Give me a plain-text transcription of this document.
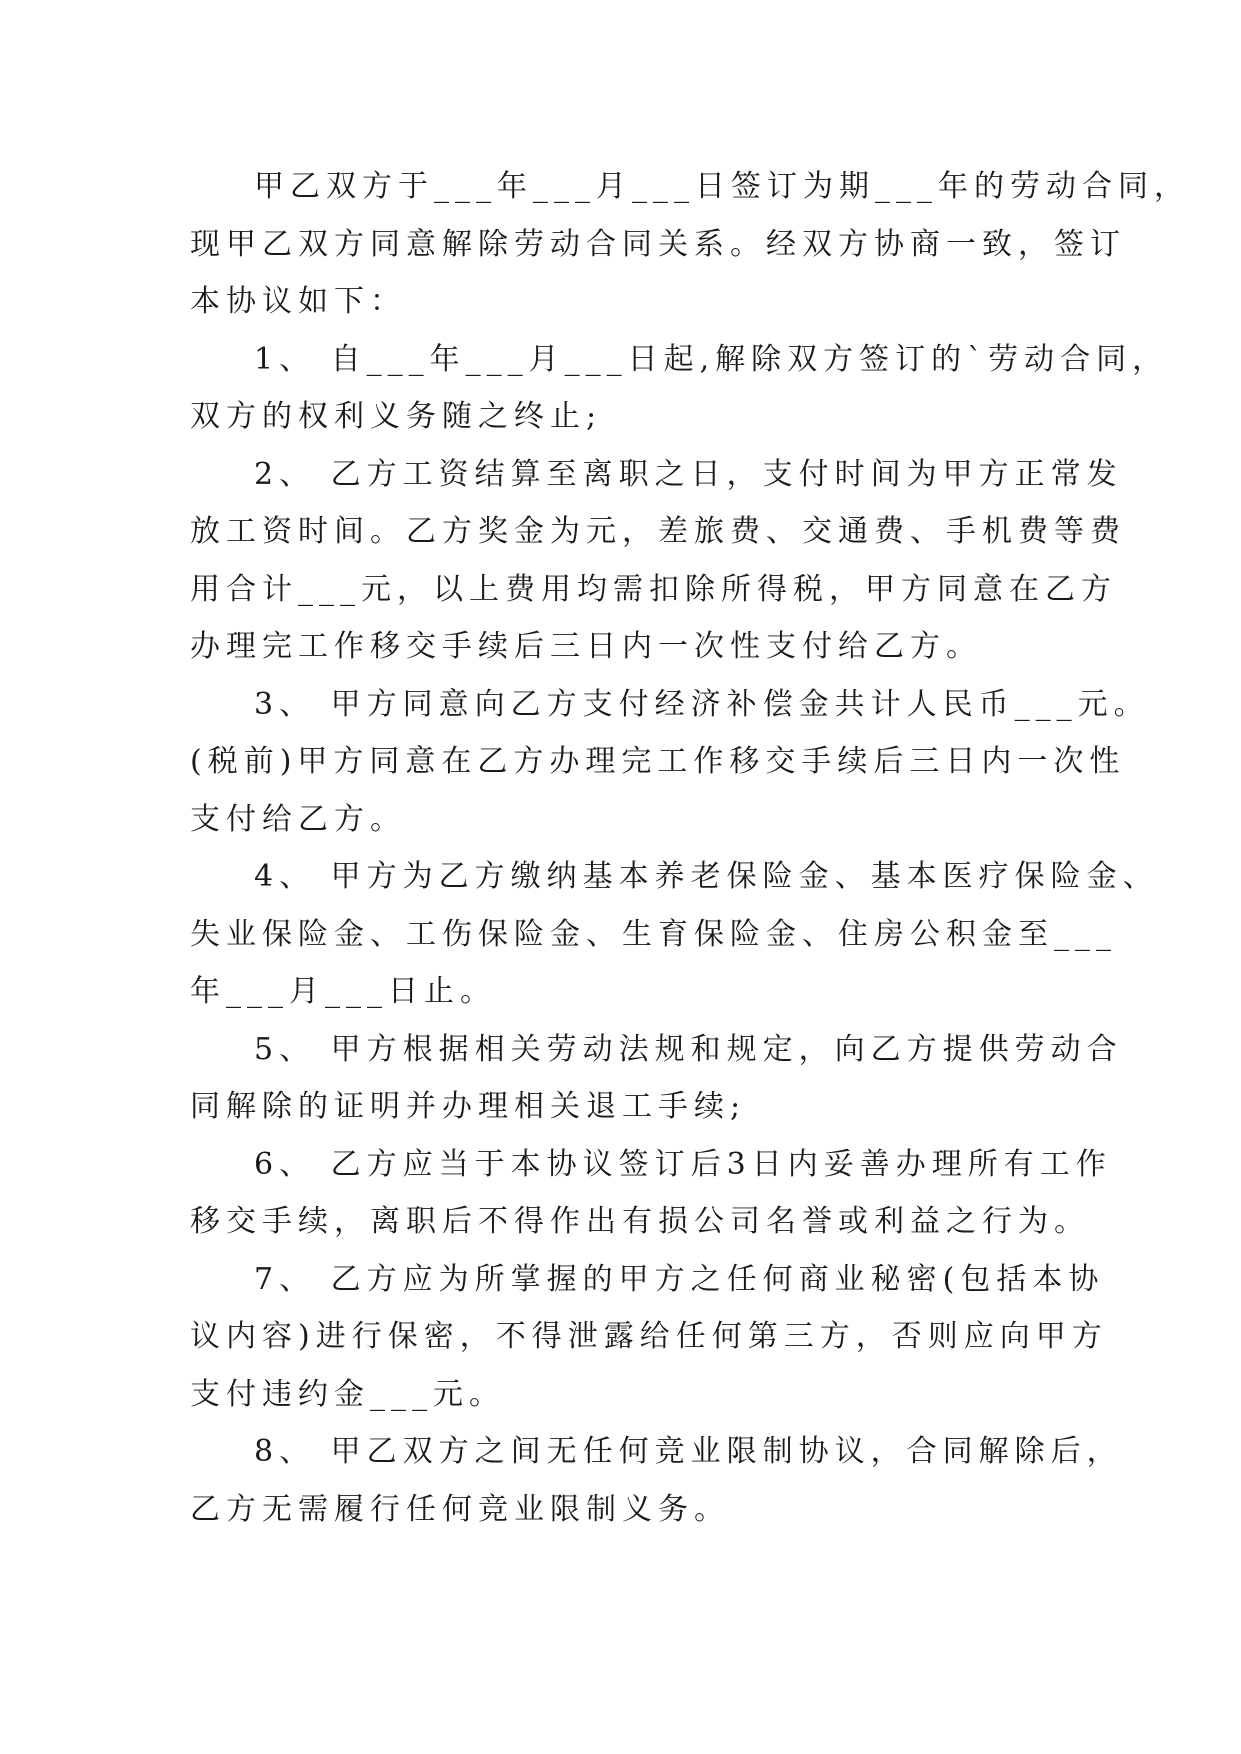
甲乙双方于___年___月___日签订为期___年的劳动合同，
现甲乙双方同意解除劳动合同关系。经双方协商一致，签订
本协议如下：
1、 自___年___月___日起,解除双方签订的`劳动合同，
双方的权利义务随之终止;
2、 乙方工资结算至离职之日，支付时间为甲方正常发
放工资时间。乙方奖金为元，差旅费、交通费、手机费等费
用合计___元，以上费用均需扣除所得税，甲方同意在乙方
办理完工作移交手续后三日内一次性支付给乙方。
3、 甲方同意向乙方支付经济补偿金共计人民币___元。
(税前)甲方同意在乙方办理完工作移交手续后三日内一次性
支付给乙方。
4、 甲方为乙方缴纳基本养老保险金、基本医疗保险金、
失业保险金、工伤保险金、生育保险金、住房公积金至___
年___月___日止。
5、 甲方根据相关劳动法规和规定，向乙方提供劳动合
同解除的证明并办理相关退工手续;
6、 乙方应当于本协议签订后3日内妥善办理所有工作
移交手续，离职后不得作出有损公司名誉或利益之行为。
7、 乙方应为所掌握的甲方之任何商业秘密(包括本协
议内容)进行保密，不得泄露给任何第三方，否则应向甲方
支付违约金___元。
8、 甲乙双方之间无任何竞业限制协议，合同解除后，
乙方无需履行任何竞业限制义务。
